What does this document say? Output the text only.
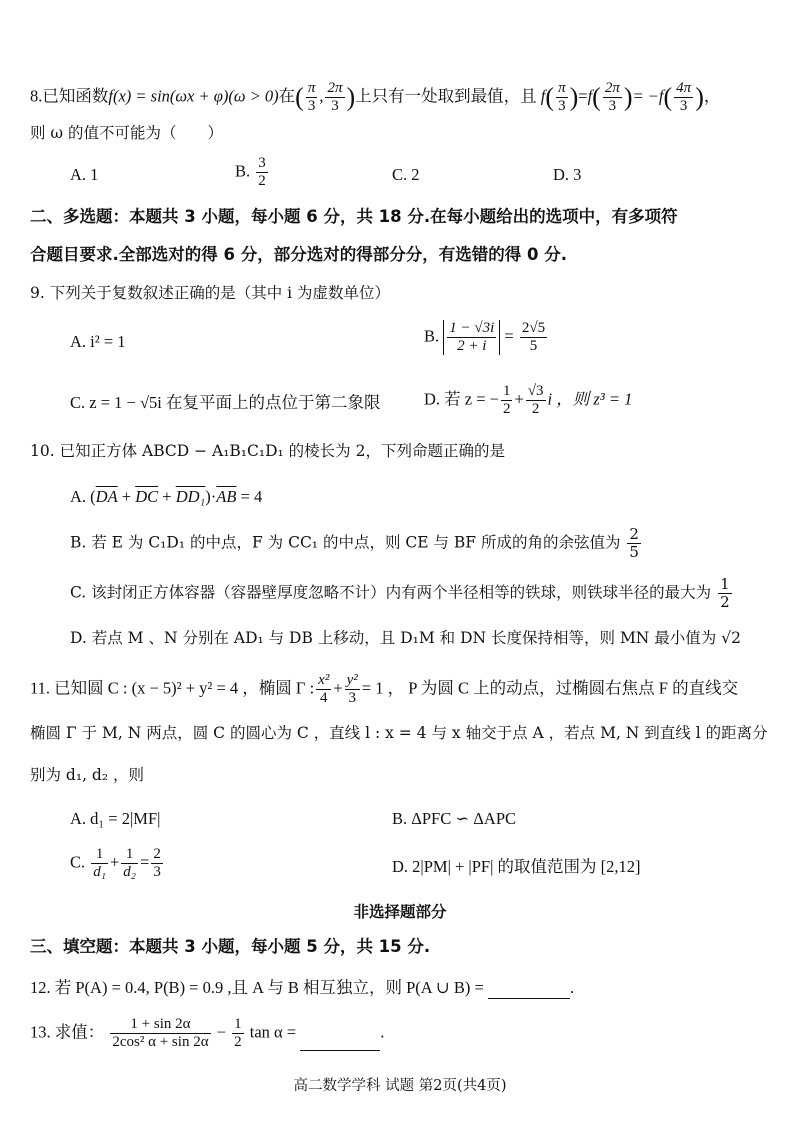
8.已知函数f(x) = sin(ωx + φ)(ω > 0)在( $\frac{\pi}{3}$ , $\frac{2\pi}{3}$ )上只有一处取到最值，且 $f( \frac{\pi}{3} )=f( \frac{2\pi}{3}$ )= $-f( \frac{4\pi}{3}$ )，
则 ω 的值不可能为（　　）
A. 1	B. $\frac{3}{2}$	C. 2	D. 3
二、多选题：本题共 3 小题，每小题 6 分，共 18 分.在每小题给出的选项中，有多项符
合题目要求.全部选对的得 6 分，部分选对的得部分分，有选错的得 0 分.
9. 下列关于复数叙述正确的是（其中 i 为虚数单位）
A. i² = 1	B. $\frac{1 - √3i}{2 + i} = \frac{2√5}{5}$
C. z = 1 − √5i 在复平面上的点位于第二象限	D. 若 z = − $\frac{1}{2} + \frac{√3}{2}$ i ，则 z³ = 1
10. 已知正方体 ABCD − A₁B₁C₁D₁ 的棱长为 2，下列命题正确的是
A. $(\overline{DA} + \overline{DC} + DD_1)\cdot\overline{AB} = 4$
B. 若 E 为 C₁D₁ 的中点，F 为 CC₁ 的中点，则 CE 与 BF 所成的角的余弦值为 $\frac{2}{5}$
C. 该封闭正方体容器（容器壁厚度忽略不计）内有两个半径相等的铁球，则铁球半径的最大为 $\frac{1}{2}$
D. 若点 M 、N 分别在 AD₁ 与 DB 上移动，且 D₁M 和 DN 长度保持相等，则 MN 最小值为 √2
11. 已知圆 C : (x − 5)² + y² = 4 ，椭圆 Γ : $\frac{\text{x²}}{4} + \frac{\text{y²}}{3} = 1$ ， P 为圆 C 上的动点，过椭圆右焦点 F 的直线交
椭圆 Γ 于 M, N 两点，圆 C 的圆心为 C ，直线 l : x = 4 与 x 轴交于点 A ，若点 M, N 到直线 l 的距离分
别为 d₁, d₂ ，则
A. d₁ = 2|MF|	B. ΔPFC ∽ ΔAPC
C. $\frac{1}{\text{d₁}} + \frac{1}{\text{d₂}} = \frac{2}{3}$	D. 2|PM| + |PF| 的取值范围为 [2,12]
非选择题部分
三、填空题：本题共 3 小题，每小题 5 分，共 15 分.
12. 若 P(A) = 0.4, P(B) = 0.9 ,且 A 与 B 相互独立，则 P(A ∪ B) =	.
13. 求值： $\frac{1 + \sin 2\alpha}{\text{2cos² α + sin 2α}} - \frac{1}{2}$ tan α =	.
高二数学学科 试题 第2页(共4页)
